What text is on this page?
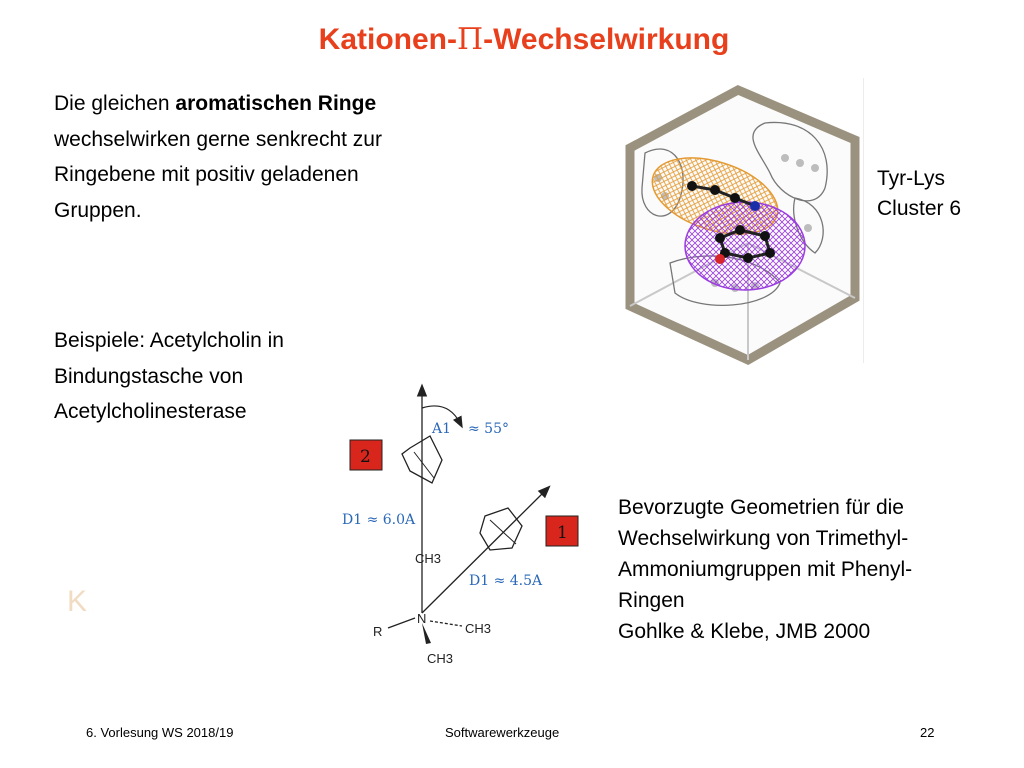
Kationen-Π-Wechselwirkung

Die gleichen aromatischen Ringe

wechselwirken gerne senkrecht zur

Ringebene mit positiv geladenen

Gruppen.

Beispiele: Acetylcholin in

Bindungstasche von

Acetylcholinesterase

K
Tyr-Lys
Cluster 6
A1 ≈ 55°
D1 ≈ 6.0A
D1 ≈ 4.5A
CH3
N
R	CH3
CH3
2
1

Bevorzugte Geometrien für die

Wechselwirkung von Trimethyl-

Ammoniumgruppen mit Phenyl-

Ringen

Gohlke & Klebe, JMB 2000

6. Vorlesung WS 2018/19	Softwarewerkzeuge	22
